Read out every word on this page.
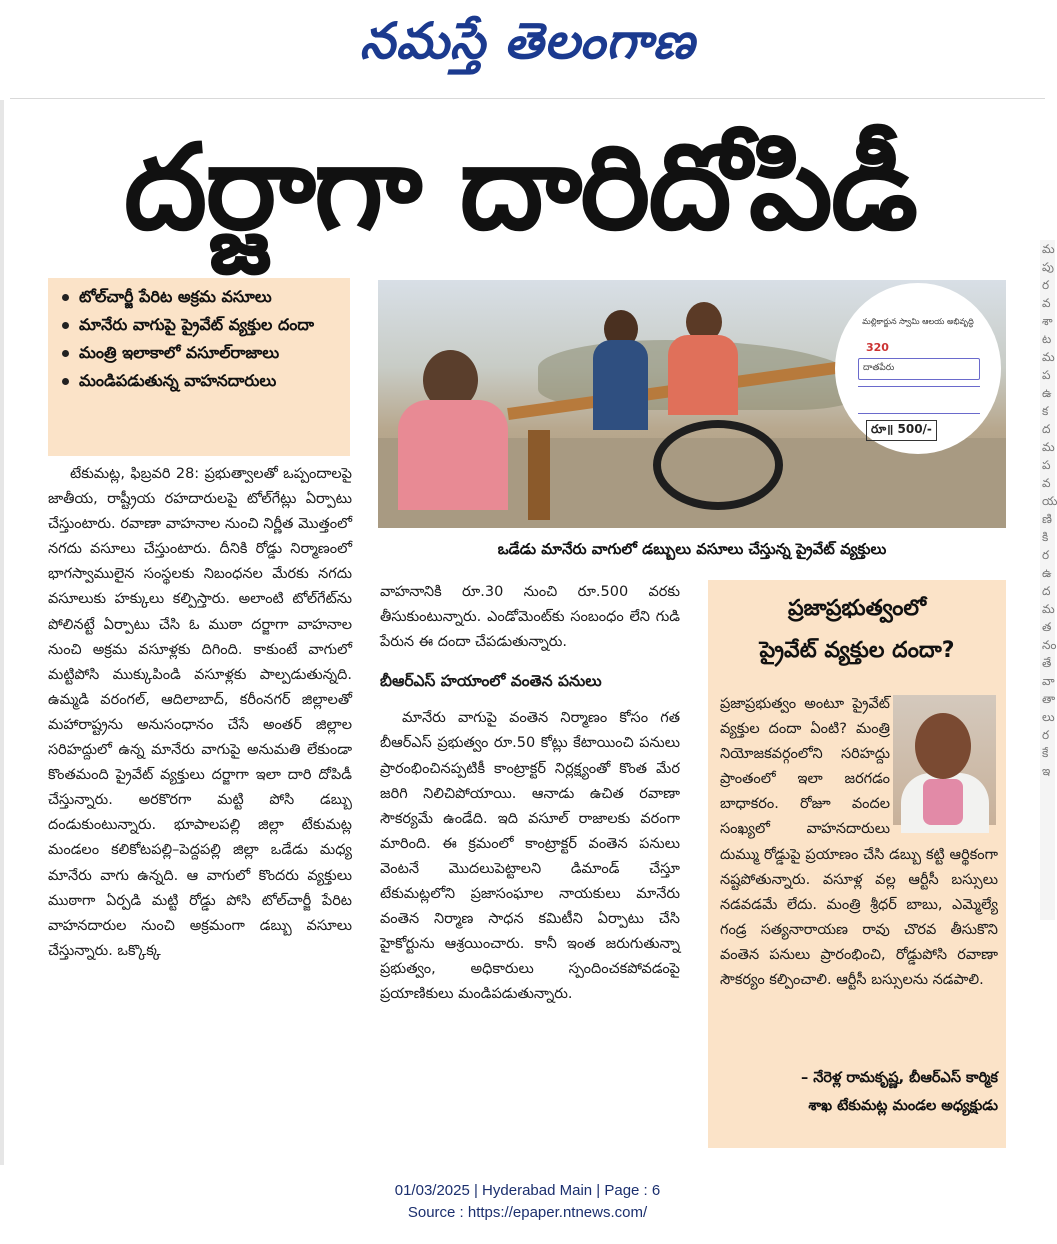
మ
పు
ర
వ
శా
ట
మ
ప
ఉ
క
ద
మ
ప
వ
య
ణి
కి
ర
ఉ
ద
మ
త
నం
తే
వా
తా
లు
ర
కే
ఇ
నమస్తే తెలంగాణ
దర్జాగా దారిదోపిడీ
టోల్‌చార్జీ పేరిట అక్రమ వసూలు
మానేరు వాగుపై ప్రైవేట్ వ్యక్తుల దందా
మంత్రి ఇలాకాలో వసూల్‌రాజాలు
మండిపడుతున్న వాహనదారులు
మల్లికార్జున స్వామి ఆలయ అభివృద్ధి
320
దాతపేరు
రూ॥ 500/-
ఒడేడు మానేరు వాగులో డబ్బులు వసూలు చేస్తున్న ప్రైవేట్ వ్యక్తులు

టేకుమట్ల, ఫిబ్రవరి 28: ప్రభుత్వాలతో ఒప్పందాలపై జాతీయ, రాష్ట్రీయ రహదారులపై టోల్‌గేట్లు ఏర్పాటు చేస్తుంటారు. రవాణా వాహనాల నుంచి నిర్ణీత మొత్తంలో నగదు వసూలు చేస్తుంటారు. దీనికి రోడ్డు నిర్మాణంలో భాగస్వాములైన సంస్థలకు నిబంధనల మేరకు నగదు వసూలుకు హక్కులు కల్పిస్తారు. అలాంటి టోల్‌గేట్‌ను పోలినట్టే ఏర్పాటు చేసి ఓ ముఠా దర్జాగా వాహనాల నుంచి అక్రమ వసూళ్లకు దిగింది. కాకుంటే వాగులో మట్టిపోసి ముక్కుపిండి వసూళ్లకు పాల్పడుతున్నది. ఉమ్మడి వరంగల్, ఆదిలాబాద్, కరీంనగర్ జిల్లాలతో మహారాష్ట్రను అనుసంధానం చేసే అంతర్ జిల్లాల సరిహద్దులో ఉన్న మానేరు వాగుపై అనుమతి లేకుండా కొంతమంది ప్రైవేట్ వ్యక్తులు దర్జాగా ఇలా దారి దోపిడీ చేస్తున్నారు. అరకొరగా మట్టి పోసి డబ్బు దండుకుంటున్నారు. భూపాలపల్లి జిల్లా టేకుమట్ల మండలం కలికోటపల్లి–పెద్దపల్లి జిల్లా ఒడేడు మధ్య మానేరు వాగు ఉన్నది. ఆ వాగులో కొందరు వ్యక్తులు ముఠాగా ఏర్పడి మట్టి రోడ్డు పోసి టోల్‌చార్జీ పేరిట వాహనదారుల నుంచి అక్రమంగా డబ్బు వసూలు చేస్తున్నారు. ఒక్కొక్క

వాహనానికి రూ.30 నుంచి రూ.500 వరకు తీసుకుంటున్నారు. ఎండోమెంట్‌కు సంబంధం లేని గుడి పేరున ఈ దందా చేపడుతున్నారు.

బీఆర్‌ఎస్ హయాంలో వంతెన పనులు

మానేరు వాగుపై వంతెన నిర్మాణం కోసం గత బీఆర్‌ఎస్ ప్రభుత్వం రూ.50 కోట్లు కేటాయించి పనులు ప్రారంభించినప్పటికీ కాంట్రాక్టర్ నిర్లక్ష్యంతో కొంత మేర జరిగి నిలిచిపోయాయి. ఆనాడు ఉచిత రవాణా సౌకర్యమే ఉండేది. ఇది వసూల్ రాజాలకు వరంగా మారింది. ఈ క్రమంలో కాంట్రాక్టర్ వంతెన పనులు వెంటనే మొదలుపెట్టాలని డిమాండ్ చేస్తూ టేకుమట్లలోని ప్రజాసంఘాల నాయకులు మానేరు వంతెన నిర్మాణ సాధన కమిటీని ఏర్పాటు చేసి హైకోర్టును ఆశ్రయించారు. కానీ ఇంత జరుగుతున్నా ప్రభుత్వం, అధికారులు స్పందించకపోవడంపై ప్రయాణికులు మండిపడుతున్నారు.

ప్రజాప్రభుత్వంలో
ప్రైవేట్ వ్యక్తుల దందా?
ప్రజాప్రభుత్వం అంటూ ప్రైవేట్ వ్యక్తుల దందా ఏంటి? మంత్రి నియోజకవర్గంలోని సరిహద్దు ప్రాంతంలో ఇలా జరగడం బాధాకరం. రోజూ వందల సంఖ్యలో వాహనదారులు దుమ్ము రోడ్డుపై ప్రయాణం చేసి డబ్బు కట్టి ఆర్థికంగా నష్టపోతున్నారు. వసూళ్ల వల్ల ఆర్టీసీ బస్సులు నడవడమే లేదు. మంత్రి శ్రీధర్ బాబు, ఎమ్మెల్యే గండ్ర సత్యనారాయణ రావు చొరవ తీసుకొని వంతెన పనులు ప్రారంభించి, రోడ్డుపోసి రవాణా సౌకర్యం కల్పించాలి. ఆర్టీసీ బస్సులను నడపాలి.
– నేరెళ్ల రామకృష్ణ, బీఆర్‌ఎస్ కార్మిక
శాఖ టేకుమట్ల మండల అధ్యక్షుడు
01/03/2025 | Hyderabad Main | Page : 6
Source : https://epaper.ntnews.com/
